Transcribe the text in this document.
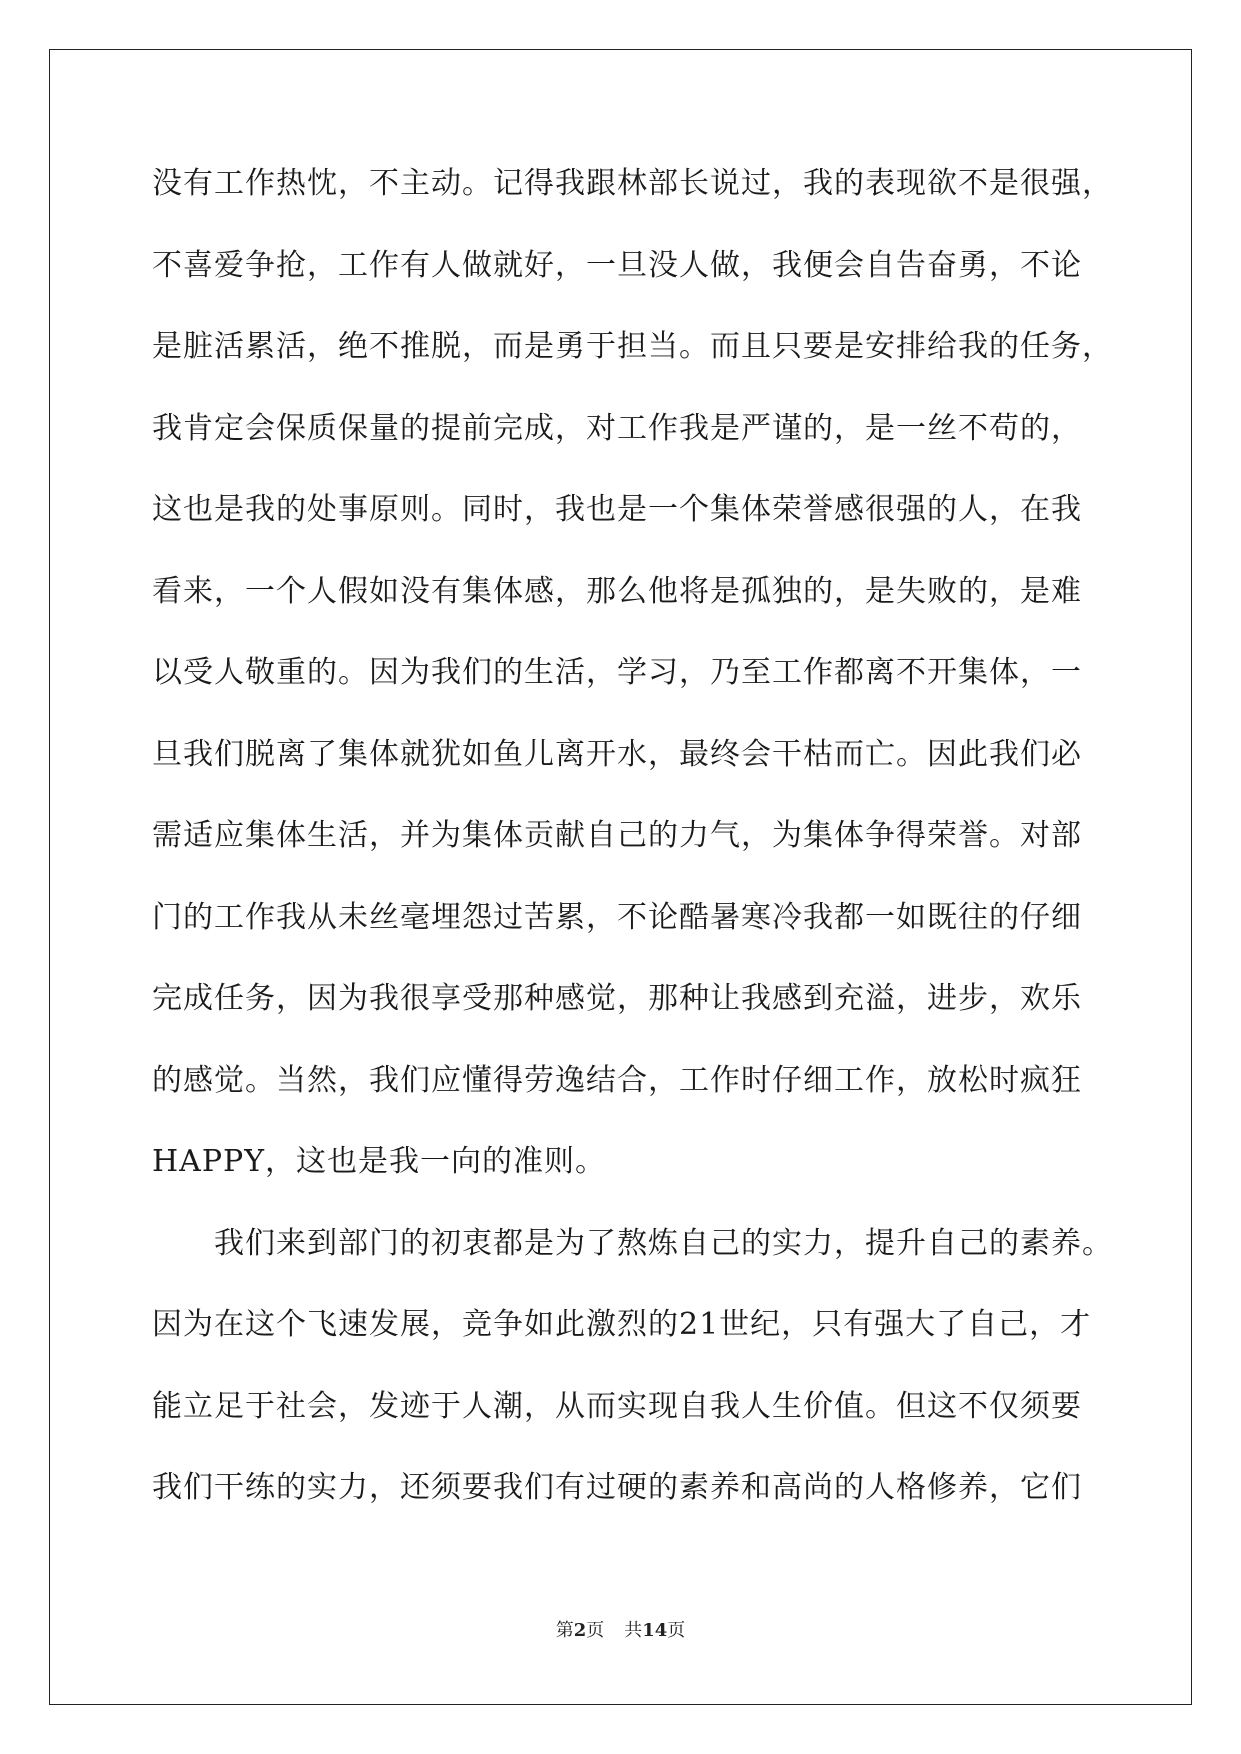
没有工作热忱，不主动。记得我跟林部长说过，我的表现欲不是很强，
不喜爱争抢，工作有人做就好，一旦没人做，我便会自告奋勇，不论
是脏活累活，绝不推脱，而是勇于担当。而且只要是安排给我的任务，
我肯定会保质保量的提前完成，对工作我是严谨的，是一丝不苟的，
这也是我的处事原则。同时，我也是一个集体荣誉感很强的人，在我
看来，一个人假如没有集体感，那么他将是孤独的，是失败的，是难
以受人敬重的。因为我们的生活，学习，乃至工作都离不开集体，一
旦我们脱离了集体就犹如鱼儿离开水，最终会干枯而亡。因此我们必
需适应集体生活，并为集体贡献自己的力气，为集体争得荣誉。对部
门的工作我从未丝毫埋怨过苦累，不论酷暑寒冷我都一如既往的仔细
完成任务，因为我很享受那种感觉，那种让我感到充溢，进步，欢乐
的感觉。当然，我们应懂得劳逸结合，工作时仔细工作，放松时疯狂
HAPPY，这也是我一向的准则。
我们来到部门的初衷都是为了熬炼自己的实力，提升自己的素养。
因为在这个飞速发展，竞争如此激烈的21世纪，只有强大了自己，才
能立足于社会，发迹于人潮，从而实现自我人生价值。但这不仅须要
我们干练的实力，还须要我们有过硬的素养和高尚的人格修养，它们
第2页 共14页
